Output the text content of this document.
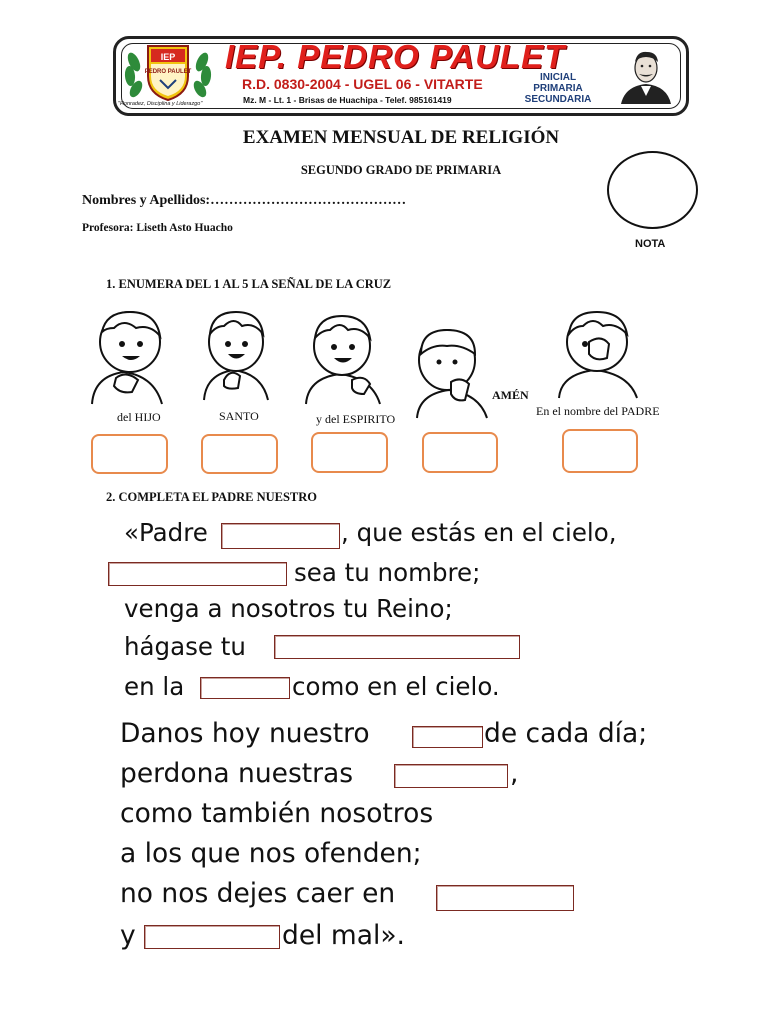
IEP
PEDRO PAULET
"Honradez, Disciplina y Liderazgo"
IEP. PEDRO PAULET
R.D. 0830-2004 - UGEL 06 - VITARTE
Mz. M - Lt. 1 - Brisas de Huachipa - Telef. 985161419
INICIAL
PRIMARIA
SECUNDARIA
EXAMEN MENSUAL DE RELIGIÓN
SEGUNDO GRADO DE PRIMARIA
Nombres y Apellidos:……………………………………
Profesora: Liseth Asto Huacho
NOTA
1. ENUMERA DEL 1 AL 5 LA SEÑAL DE LA CRUZ
del HIJO	SANTO	y del ESPIRITO
AMÉN
En el nombre del PADRE
2. COMPLETA EL PADRE NUESTRO
«Padre	, que estás en el cielo,
sea tu nombre;
venga a nosotros tu Reino;
hágase tu
en la	como en el cielo.
Danos hoy nuestro	de cada día;
perdona nuestras	,
como también nosotros
a los que nos ofenden;
no nos dejes caer en
y	del mal».
